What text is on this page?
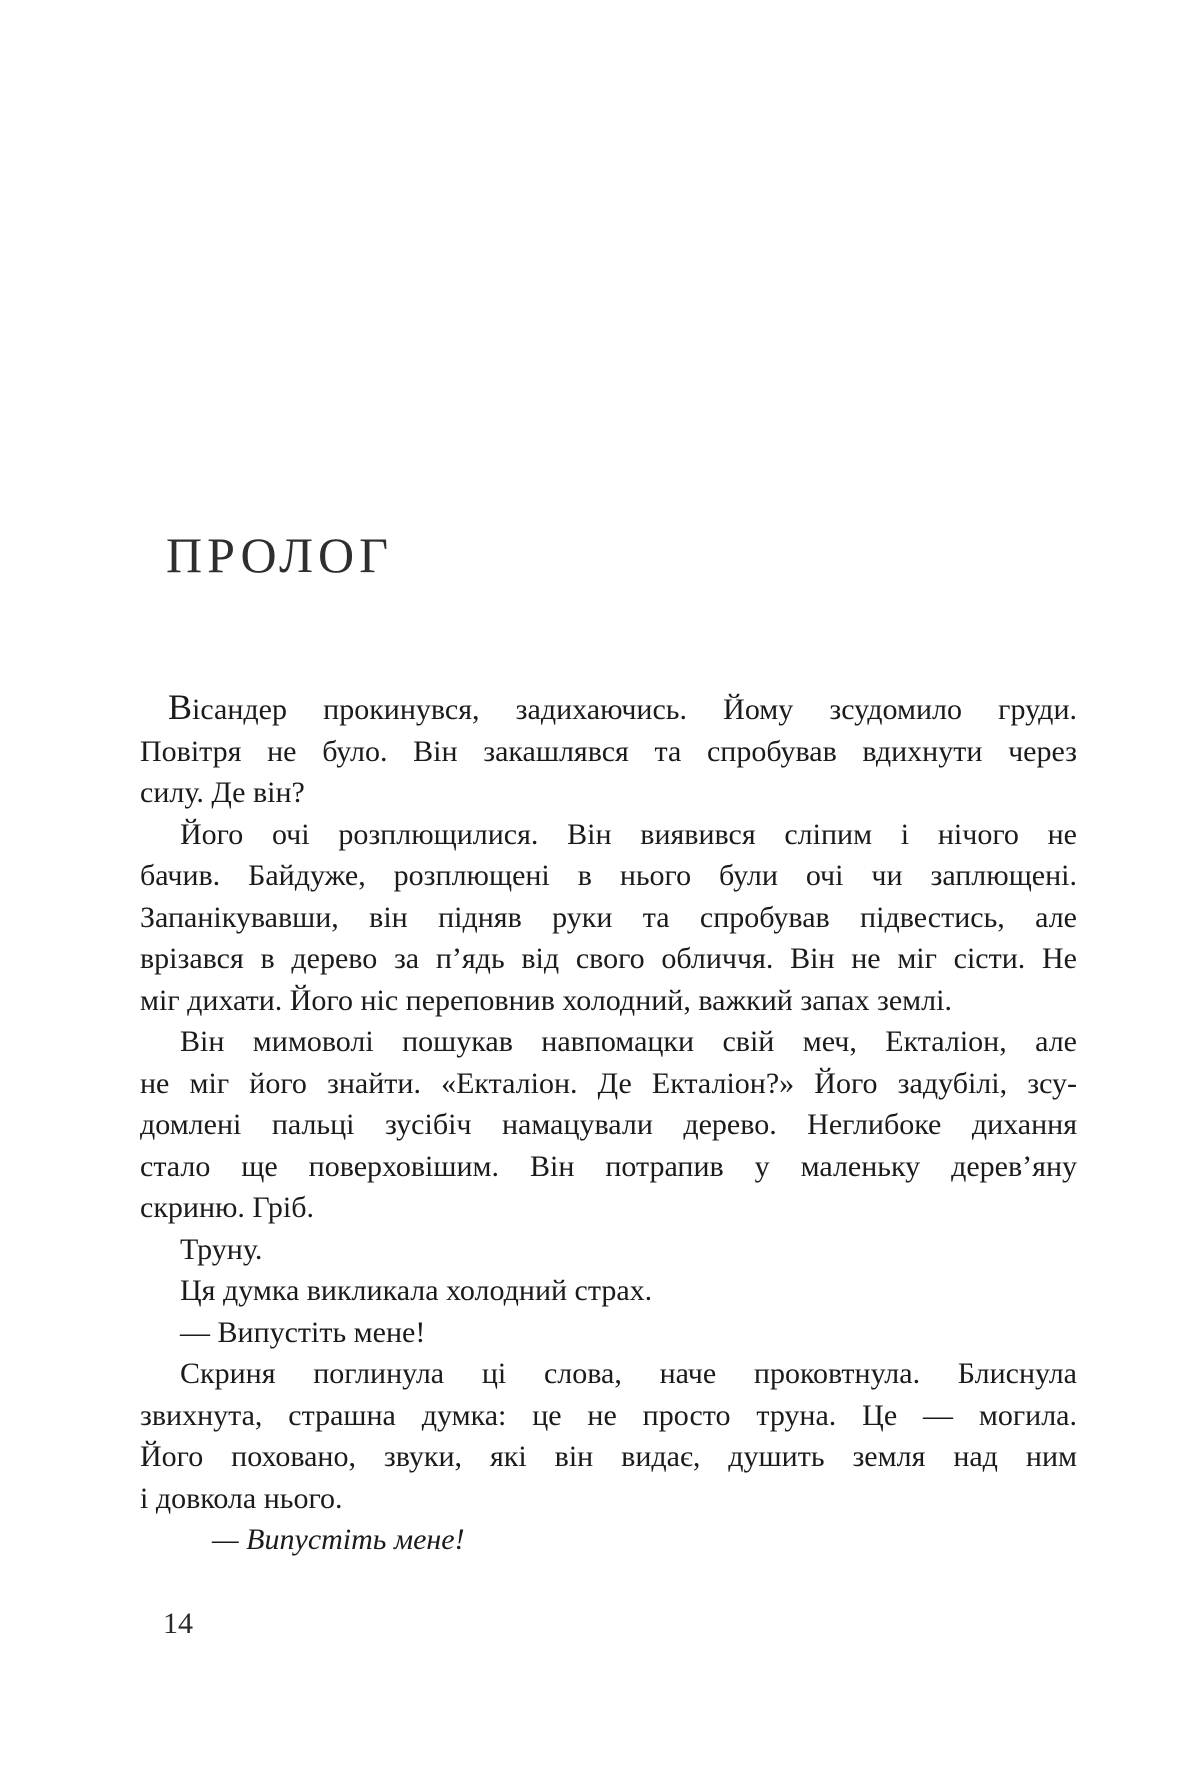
ПРОЛОГ
Вісандер прокинувся, задихаючись. Йому зсудомило груди.
Повітря не було. Він закашлявся та спробував вдихнути через
силу. Де він?
Його очі розплющилися. Він виявився сліпим і нічого не
бачив. Байдуже, розплющені в нього були очі чи заплющені.
Запанікувавши, він підняв руки та спробував підвестись, але
врізався в дерево за п’ядь від свого обличчя. Він не міг сісти. Не
міг дихати. Його ніс переповнив холодний, важкий запах землі.
Він мимоволі пошукав навпомацки свій меч, Екталіон, але
не міг його знайти. «Екталіон. Де Екталіон?» Його задубілі, зсу-
домлені пальці зусібіч намацували дерево. Неглибоке дихання
стало ще поверховішим. Він потрапив у маленьку дерев’яну
скриню. Гріб.
Труну.
Ця думка викликала холодний страх.
— Випустіть мене!
Скриня поглинула ці слова, наче проковтнула. Блиснула
звихнута, страшна думка: це не просто труна. Це — могила.
Його поховано, звуки, які він видає, душить земля над ним
і довкола нього.
— Випустіть мене!
14
